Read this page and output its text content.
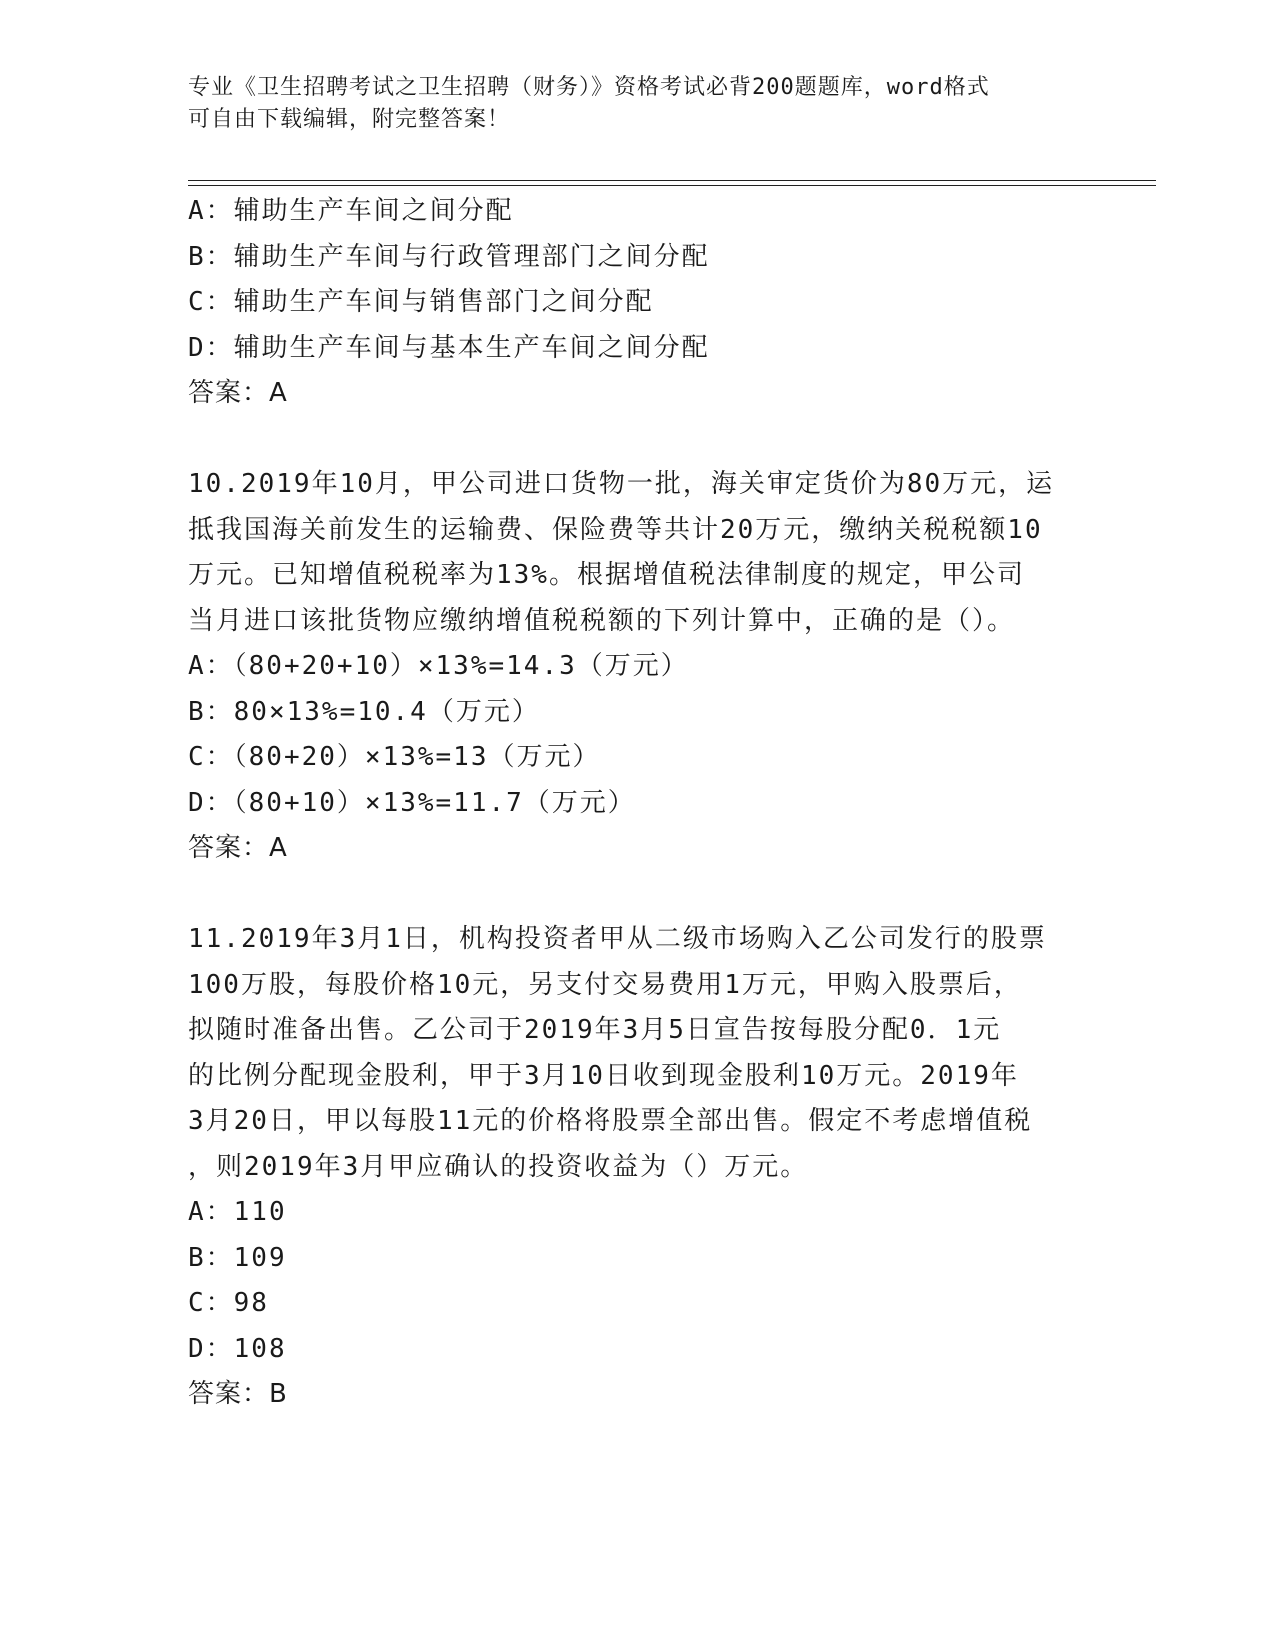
专业《卫生招聘考试之卫生招聘（财务）》资格考试必背200题题库，word格式
可自由下载编辑，附完整答案！
A：辅助生产车间之间分配
B：辅助生产车间与行政管理部门之间分配
C：辅助生产车间与销售部门之间分配
D：辅助生产车间与基本生产车间之间分配
答案：A
10.2019年10月，甲公司进口货物一批，海关审定货价为80万元，运
抵我国海关前发生的运输费、保险费等共计20万元，缴纳关税税额10
万元。已知增值税税率为13%。根据增值税法律制度的规定，甲公司
当月进口该批货物应缴纳增值税税额的下列计算中，正确的是（）。
A：（80+20+10）×13%=14.3（万元）
B：80×13%=10.4（万元）
C：（80+20）×13%=13（万元）
D：（80+10）×13%=11.7（万元）
答案：A
11.2019年3月1日，机构投资者甲从二级市场购入乙公司发行的股票
100万股，每股价格10元，另支付交易费用1万元，甲购入股票后，
拟随时准备出售。乙公司于2019年3月5日宣告按每股分配0．1元
的比例分配现金股利，甲于3月10日收到现金股利10万元。2019年
3月20日，甲以每股11元的价格将股票全部出售。假定不考虑增值税
，则2019年3月甲应确认的投资收益为（）万元。
A：110
B：109
C：98
D：108
答案：B
